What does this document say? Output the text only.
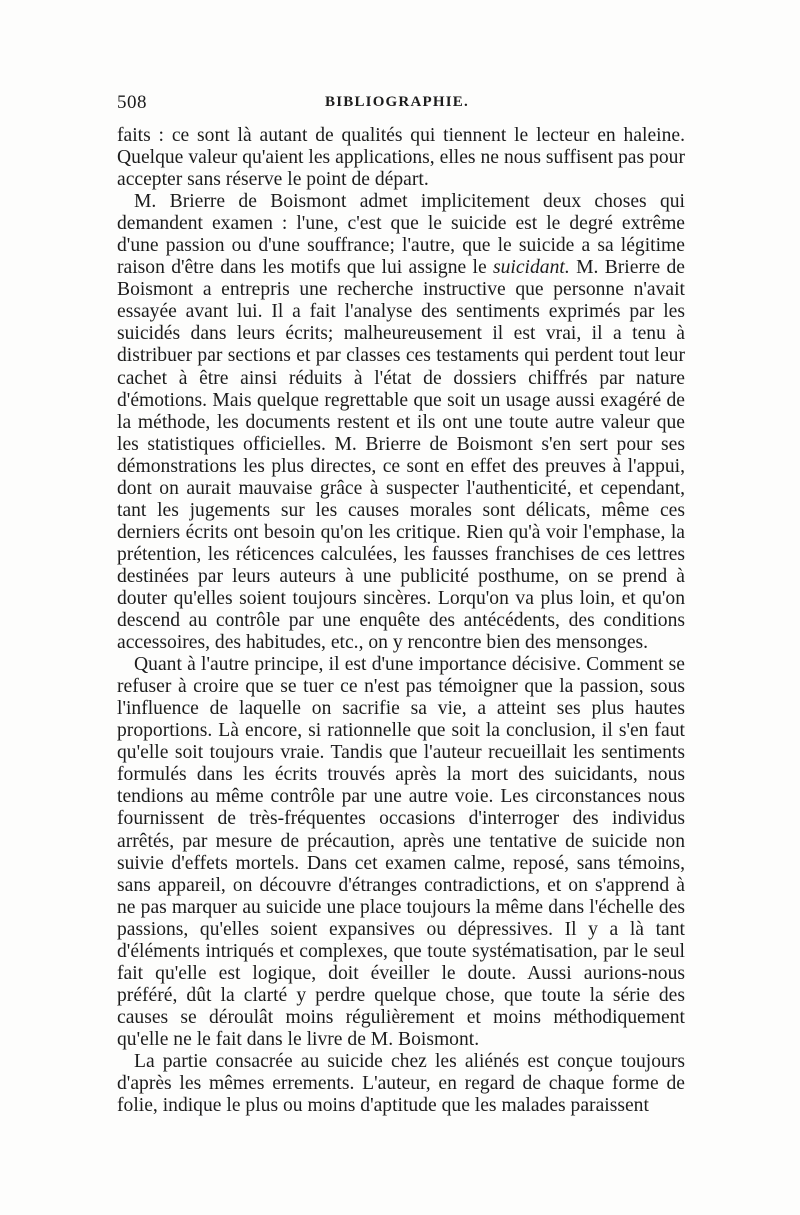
508	BIBLIOGRAPHIE.

faits : ce sont là autant de qualités qui tiennent le lecteur en haleine. Quelque valeur qu'aient les applications, elles ne nous suffisent pas pour accepter sans réserve le point de départ.

M. Brierre de Boismont admet implicitement deux choses qui demandent examen : l'une, c'est que le suicide est le degré extrême d'une passion ou d'une souffrance; l'autre, que le suicide a sa légitime raison d'être dans les motifs que lui assigne le suicidant. M. Brierre de Boismont a entrepris une recherche instructive que personne n'avait essayée avant lui. Il a fait l'analyse des sentiments exprimés par les suicidés dans leurs écrits; malheureusement il est vrai, il a tenu à distribuer par sections et par classes ces testaments qui perdent tout leur cachet à être ainsi réduits à l'état de dossiers chiffrés par nature d'émotions. Mais quelque regrettable que soit un usage aussi exagéré de la méthode, les documents restent et ils ont une toute autre valeur que les statistiques officielles. M. Brierre de Boismont s'en sert pour ses démonstrations les plus directes, ce sont en effet des preuves à l'appui, dont on aurait mauvaise grâce à suspecter l'authenticité, et cependant, tant les jugements sur les causes morales sont délicats, même ces derniers écrits ont besoin qu'on les critique. Rien qu'à voir l'emphase, la prétention, les réticences calculées, les fausses franchises de ces lettres destinées par leurs auteurs à une publicité posthume, on se prend à douter qu'elles soient toujours sincères. Lorqu'on va plus loin, et qu'on descend au contrôle par une enquête des antécédents, des conditions accessoires, des habitudes, etc., on y rencontre bien des mensonges.

Quant à l'autre principe, il est d'une importance décisive. Comment se refuser à croire que se tuer ce n'est pas témoigner que la passion, sous l'influence de laquelle on sacrifie sa vie, a atteint ses plus hautes proportions. Là encore, si rationnelle que soit la conclusion, il s'en faut qu'elle soit toujours vraie. Tandis que l'auteur recueillait les sentiments formulés dans les écrits trouvés après la mort des suicidants, nous tendions au même contrôle par une autre voie. Les circonstances nous fournissent de très-fréquentes occasions d'interroger des individus arrêtés, par mesure de précaution, après une tentative de suicide non suivie d'effets mortels. Dans cet examen calme, reposé, sans témoins, sans appareil, on découvre d'étranges contradictions, et on s'apprend à ne pas marquer au suicide une place toujours la même dans l'échelle des passions, qu'elles soient expansives ou dépressives. Il y a là tant d'éléments intriqués et complexes, que toute systématisation, par le seul fait qu'elle est logique, doit éveiller le doute. Aussi aurions-nous préféré, dût la clarté y perdre quelque chose, que toute la série des causes se déroulât moins régulièrement et moins méthodiquement qu'elle ne le fait dans le livre de M. Boismont.

La partie consacrée au suicide chez les aliénés est conçue toujours d'après les mêmes errements. L'auteur, en regard de chaque forme de folie, indique le plus ou moins d'aptitude que les malades paraissent
